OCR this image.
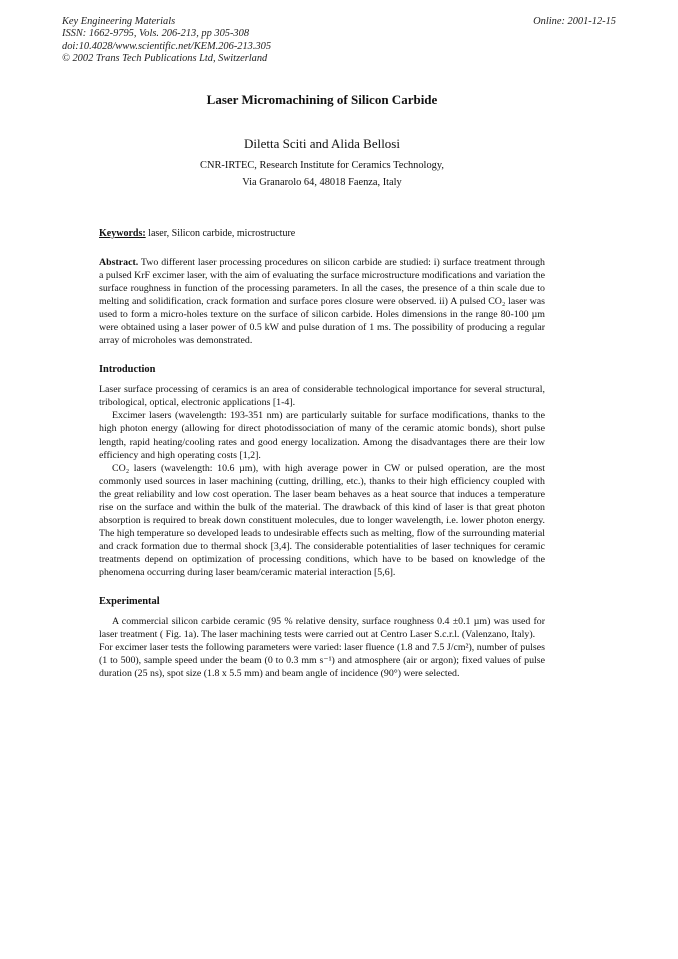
Key Engineering Materials
ISSN: 1662-9795, Vols. 206-213, pp 305-308
doi:10.4028/www.scientific.net/KEM.206-213.305
© 2002 Trans Tech Publications Ltd, Switzerland
Online: 2001-12-15
Laser Micromachining of Silicon Carbide

Diletta Sciti and Alida Bellosi

CNR-IRTEC, Research Institute for Ceramics Technology,
Via Granarolo 64, 48018 Faenza, Italy

Keywords: laser, Silicon carbide, microstructure

Abstract. Two different laser processing procedures on silicon carbide are studied: i) surface treatment through a pulsed KrF excimer laser, with the aim of evaluating the surface microstructure modifications and variation the surface roughness in function of the processing parameters. In all the cases, the presence of a thin scale due to melting and solidification, crack formation and surface pores closure were observed. ii) A pulsed CO₂ laser was used to form a micro-holes texture on the surface of silicon carbide. Holes dimensions in the range 80-100 µm were obtained using a laser power of 0.5 kW and pulse duration of 1 ms. The possibility of producing a regular array of microholes was demonstrated.

Introduction

Laser surface processing of ceramics is an area of considerable technological importance for several structural, tribological, optical, electronic applications [1-4].

Excimer lasers (wavelength: 193-351 nm) are particularly suitable for surface modifications, thanks to the high photon energy (allowing for direct photodissociation of many of the ceramic atomic bonds), short pulse length, rapid heating/cooling rates and good energy localization. Among the disadvantages there are their low efficiency and high operating costs [1,2].

CO₂ lasers (wavelength: 10.6 µm), with high average power in CW or pulsed operation, are the most commonly used sources in laser machining (cutting, drilling, etc.), thanks to their high efficiency coupled with the great reliability and low cost operation. The laser beam behaves as a heat source that induces a temperature rise on the surface and within the bulk of the material. The drawback of this kind of laser is that great photon absorption is required to break down constituent molecules, due to longer wavelength, i.e. lower photon energy. The high temperature so developed leads to undesirable effects such as melting, flow of the surrounding material and crack formation due to thermal shock [3,4]. The considerable potentialities of laser techniques for ceramic treatments depend on optimization of processing conditions, which have to be based on knowledge of the phenomena occurring during laser beam/ceramic material interaction [5,6].

Experimental

A commercial silicon carbide ceramic (95 % relative density, surface roughness 0.4 ±0.1 µm) was used for laser treatment ( Fig. 1a). The laser machining tests were carried out at Centro Laser S.c.r.l. (Valenzano, Italy).

For excimer laser tests the following parameters were varied: laser fluence (1.8 and 7.5 J/cm²), number of pulses (1 to 500), sample speed under the beam (0 to 0.3 mm s⁻¹) and atmosphere (air or argon); fixed values of pulse duration (25 ns), spot size (1.8 x 5.5 mm) and beam angle of incidence (90°) were selected.
